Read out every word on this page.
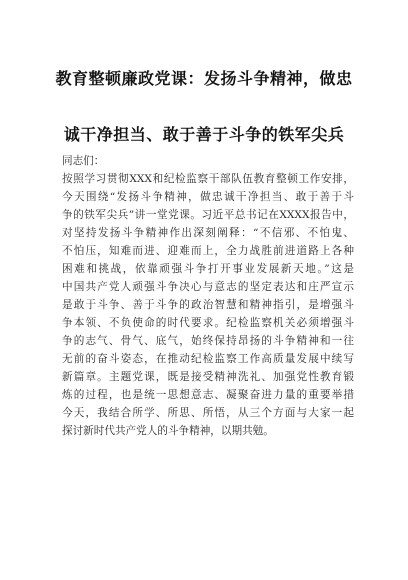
教育整顿廉政党课：发扬斗争精神，做忠
诚干净担当、敢于善于斗争的铁军尖兵
同志们：
按照学习贯彻XXX和纪检监察干部队伍教育整顿工作安排，
今天围绕“发扬斗争精神，做忠诚干净担当、敢于善于斗
争的铁军尖兵”讲一堂党课。习近平总书记在XXXX报告中，
对坚持发扬斗争精神作出深刻阐释：“不信邪、不怕鬼、
不怕压，知难而进、迎难而上，全力战胜前进道路上各种
困难和挑战，依靠顽强斗争打开事业发展新天地。”这是
中国共产党人顽强斗争决心与意志的坚定表达和庄严宣示
是敢于斗争、善于斗争的政治智慧和精神指引，是增强斗
争本领、不负使命的时代要求。纪检监察机关必须增强斗
争的志气、骨气、底气，始终保持昂扬的斗争精神和一往
无前的奋斗姿态，在推动纪检监察工作高质量发展中续写
新篇章。主题党课，既是接受精神洗礼、加强党性教育锻
炼的过程，也是统一思想意志、凝聚奋进力量的重要举措
今天，我结合所学、所思、所悟，从三个方面与大家一起
探讨新时代共产党人的斗争精神，以期共勉。
